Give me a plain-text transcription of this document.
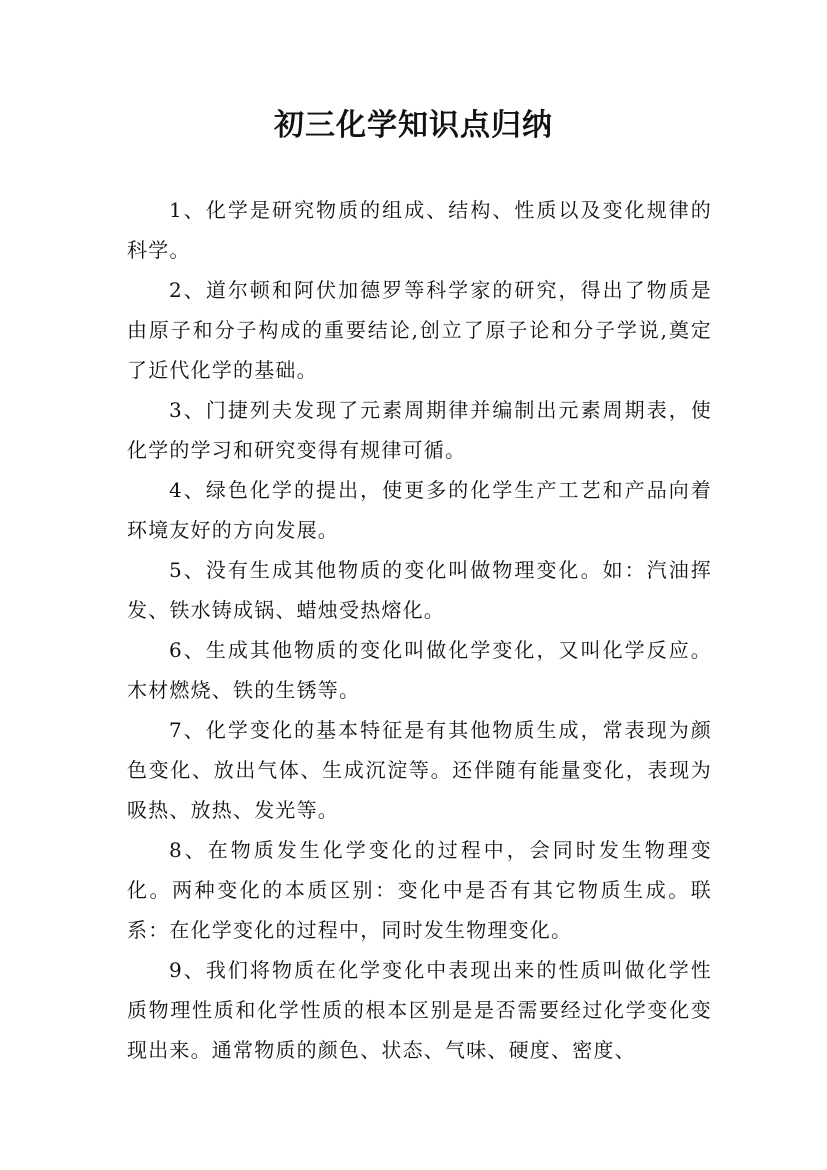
初三化学知识点归纳

1、化学是研究物质的组成、结构、性质以及变化规律的科学。

2、道尔顿和阿伏加德罗等科学家的研究，得出了物质是由原子和分子构成的重要结论,创立了原子论和分子学说,奠定了近代化学的基础。

3、门捷列夫发现了元素周期律并编制出元素周期表，使化学的学习和研究变得有规律可循。

4、绿色化学的提出，使更多的化学生产工艺和产品向着环境友好的方向发展。

5、没有生成其他物质的变化叫做物理变化。如：汽油挥发、铁水铸成锅、蜡烛受热熔化。

6、生成其他物质的变化叫做化学变化，又叫化学反应。木材燃烧、铁的生锈等。

7、化学变化的基本特征是有其他物质生成，常表现为颜色变化、放出气体、生成沉淀等。还伴随有能量变化，表现为吸热、放热、发光等。

8、在物质发生化学变化的过程中，会同时发生物理变化。两种变化的本质区别：变化中是否有其它物质生成。联系：在化学变化的过程中，同时发生物理变化。

9、我们将物质在化学变化中表现出来的性质叫做化学性质物理性质和化学性质的根本区别是是否需要经过化学变化变现出来。通常物质的颜色、状态、气味、硬度、密度、
